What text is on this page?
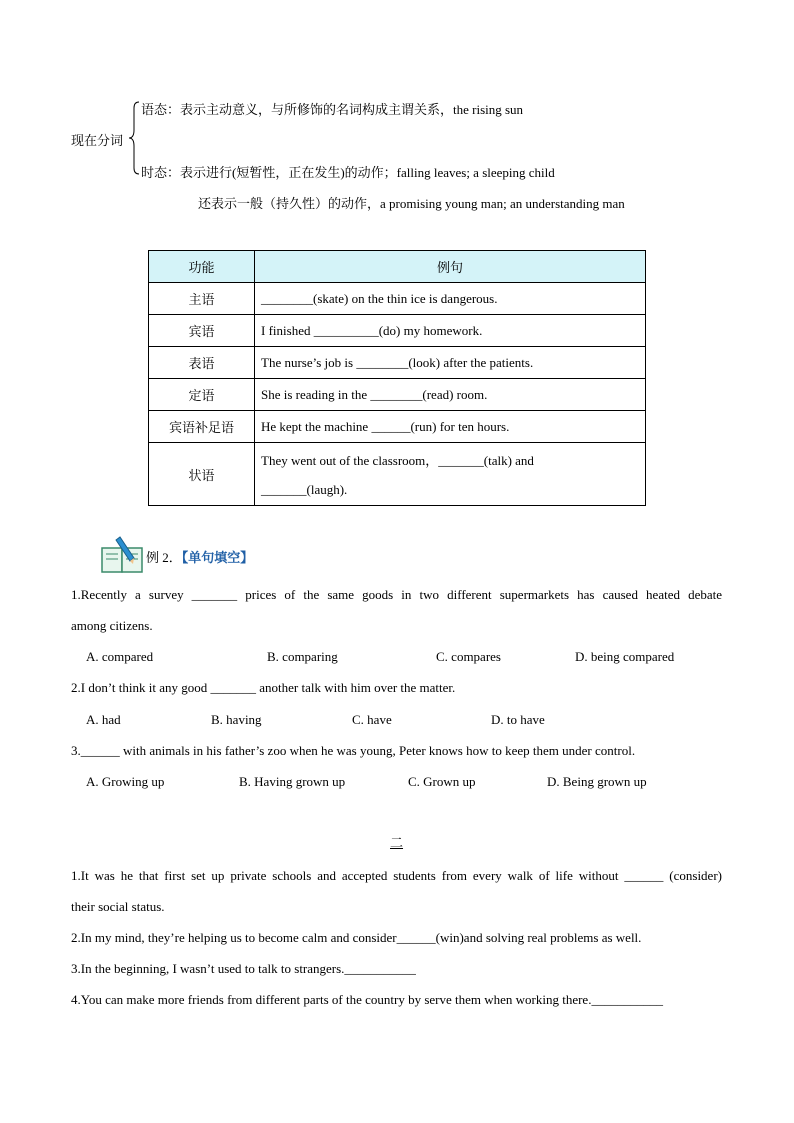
现在分词
语态：表示主动意义，与所修饰的名词构成主谓关系，the rising sun
时态：表示进行(短暂性，正在发生)的动作；falling leaves; a sleeping child
还表示一般（持久性）的动作，a promising young man; an understanding man
功能	例句
主语	________(skate) on the thin ice is dangerous.
宾语	I finished __________(do) my homework.
表语	The nurse’s job is ________(look) after the patients.
定语	She is reading in the ________(read) room.
宾语补足语	He kept the machine ______(run) for ten hours.
状语	They went out of the classroom，_______(talk) and
_______(laugh).
例 2．【单句填空】
1.Recently a survey _______ prices of the same goods in two different supermarkets has caused heated debate
among citizens.
A. compared	B. comparing	C. compares	D. being compared
2.I don’t think it any good _______ another talk with him over the matter.
A. had	B. having	C. have	D. to have
3.______ with animals in his father’s zoo when he was young, Peter knows how to keep them under control.
A. Growing up	B. Having grown up	C. Grown up	D. Being grown up
二
1.It was he that first set up private schools and accepted students from every walk of life without ______ (consider)
their social status.
2.In my mind, they’re helping us to become calm and consider______(win)and solving real problems as well.
3.In the beginning, I wasn’t used to talk to strangers.___________
4.You can make more friends from different parts of the country by serve them when working there.___________
